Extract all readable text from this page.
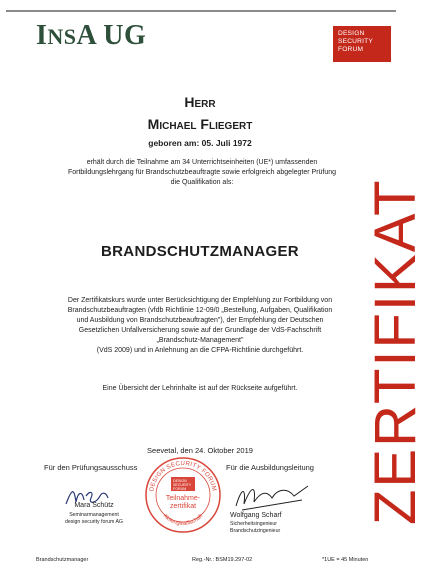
INSA UG	DESIGN
SECURITY
FORUM
ZERTIFIKAT
Herr
Michael Fliegert
geboren am: 05. Juli 1972
erhält durch die Teilnahme am 34 Unterrichtseinheiten (UE*) umfassenden
Fortbildungslehrgang für Brandschutzbeauftragte sowie erfolgreich abgelegter Prüfung
die Qualifikation als:
BRANDSCHUTZMANAGER
Der Zertifikatskurs wurde unter Berücksichtigung der Empfehlung zur Fortbildung von
Brandschutzbeauftragten (vfdb Richtlinie 12-09/0 „Bestellung, Aufgaben, Qualifikation
und Ausbildung von Brandschutzbeauftragten"), der Empfehlung der Deutschen
Gesetzlichen Unfallversicherung sowie auf der Grundlage der VdS-Fachschrift
„Brandschutz-Management"
(VdS 2009) und in Anlehnung an die CFPA-Richtlinie durchgeführt.
Eine Übersicht der Lehrinhalte ist auf der Rückseite aufgeführt.
Seevetal, den 24. Oktober 2019
Für den Prüfungsausschuss	Für die Ausbildungsleitung
Mara Schütz
Seminarmanagement
design security forum AG
Wolfgang Scharf
Sicherheitsingenieur
Brandschutzingenieur
DESIGN SECURITY FORUM
Aktiengesellschaft
DESIGN
SECURITY
FORUM
Teilnahme-
zertifikat
Brandschutzmanager	Reg.-Nr.: BSM19.297-02	*1UE = 45 Minuten
